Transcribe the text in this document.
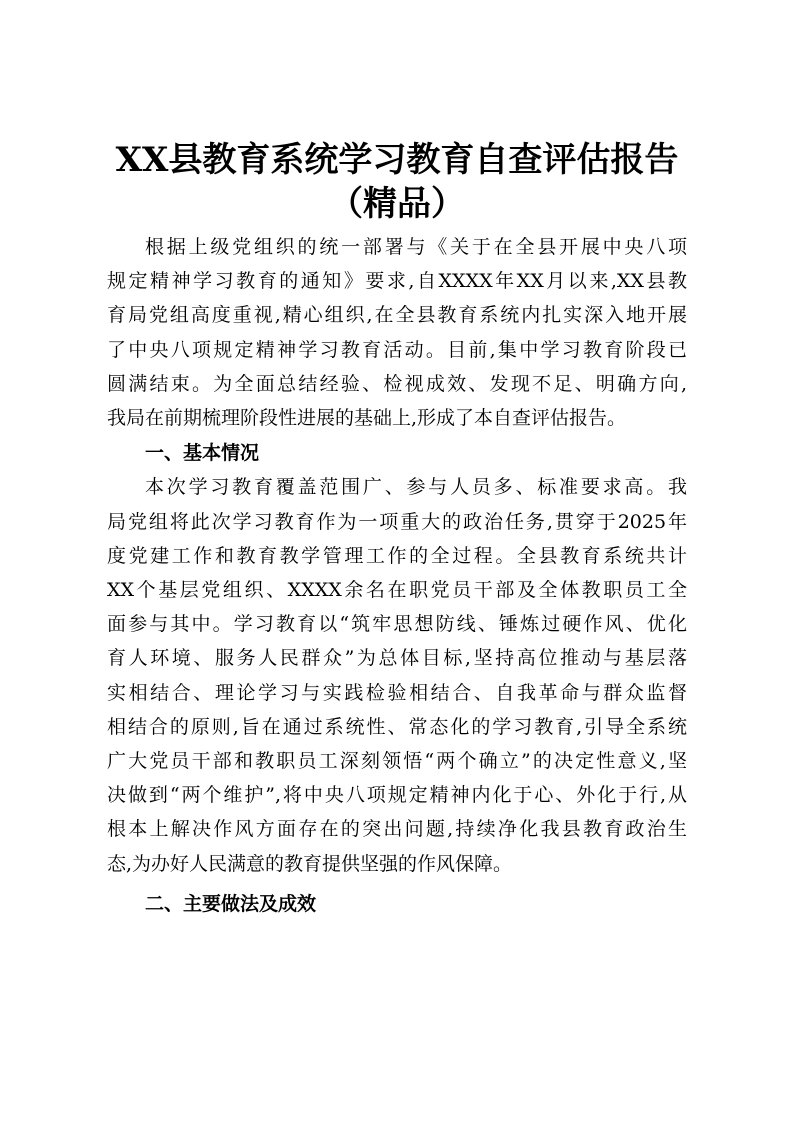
XX县教育系统学习教育自查评估报告
（精品）
根据上级党组织的统一部署与《关于在全县开展中央八项
规定精神学习教育的通知》要求,自XXXX年XX月以来,XX县教
育局党组高度重视,精心组织,在全县教育系统内扎实深入地开展
了中央八项规定精神学习教育活动。目前,集中学习教育阶段已
圆满结束。为全面总结经验、检视成效、发现不足、明确方向,
我局在前期梳理阶段性进展的基础上,形成了本自查评估报告。
一、基本情况
本次学习教育覆盖范围广、参与人员多、标准要求高。我
局党组将此次学习教育作为一项重大的政治任务,贯穿于2025年
度党建工作和教育教学管理工作的全过程。全县教育系统共计
XX个基层党组织、XXXX余名在职党员干部及全体教职员工全
面参与其中。学习教育以“筑牢思想防线、锤炼过硬作风、优化
育人环境、服务人民群众”为总体目标,坚持高位推动与基层落
实相结合、理论学习与实践检验相结合、自我革命与群众监督
相结合的原则,旨在通过系统性、常态化的学习教育,引导全系统
广大党员干部和教职员工深刻领悟“两个确立”的决定性意义,坚
决做到“两个维护”,将中央八项规定精神内化于心、外化于行,从
根本上解决作风方面存在的突出问题,持续净化我县教育政治生
态,为办好人民满意的教育提供坚强的作风保障。
二、主要做法及成效
